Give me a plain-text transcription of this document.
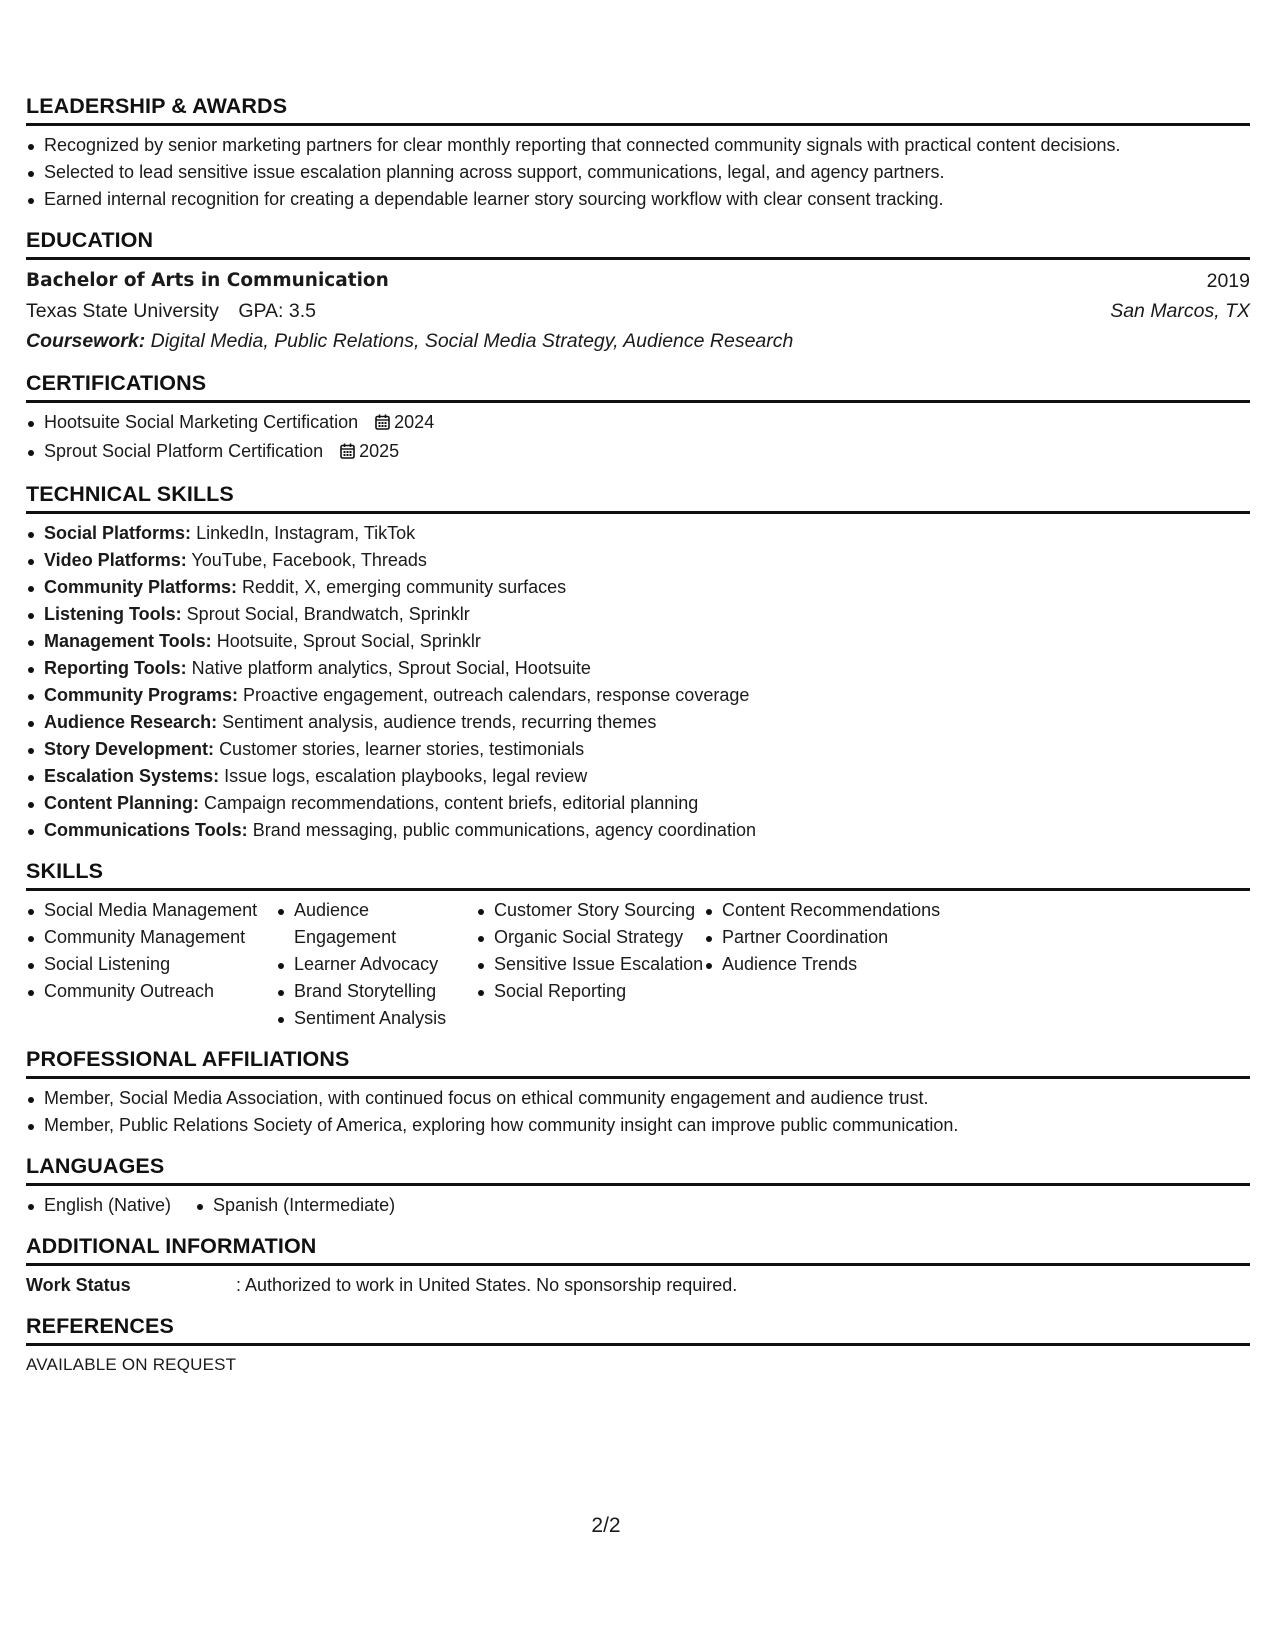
LEADERSHIP & AWARDS
Recognized by senior marketing partners for clear monthly reporting that connected community signals with practical content decisions.
Selected to lead sensitive issue escalation planning across support, communications, legal, and agency partners.
Earned internal recognition for creating a dependable learner story sourcing workflow with clear consent tracking.
EDUCATION
Bachelor of Arts in Communication	2019
Texas State University GPA: 3.5	San Marcos, TX
Coursework: Digital Media, Public Relations, Social Media Strategy, Audience Research
CERTIFICATIONS
Hootsuite Social Marketing Certification 2024
Sprout Social Platform Certification 2025
TECHNICAL SKILLS
Social Platforms: LinkedIn, Instagram, TikTok
Video Platforms: YouTube, Facebook, Threads
Community Platforms: Reddit, X, emerging community surfaces
Listening Tools: Sprout Social, Brandwatch, Sprinklr
Management Tools: Hootsuite, Sprout Social, Sprinklr
Reporting Tools: Native platform analytics, Sprout Social, Hootsuite
Community Programs: Proactive engagement, outreach calendars, response coverage
Audience Research: Sentiment analysis, audience trends, recurring themes
Story Development: Customer stories, learner stories, testimonials
Escalation Systems: Issue logs, escalation playbooks, legal review
Content Planning: Campaign recommendations, content briefs, editorial planning
Communications Tools: Brand messaging, public communications, agency coordination
SKILLS
Social Media Management
Community Management
Social Listening
Community Outreach
Audience Engagement
Learner Advocacy
Brand Storytelling
Sentiment Analysis
Customer Story Sourcing
Organic Social Strategy
Sensitive Issue Escalation
Social Reporting
Content Recommendations
Partner Coordination
Audience Trends
PROFESSIONAL AFFILIATIONS
Member, Social Media Association, with continued focus on ethical community engagement and audience trust.
Member, Public Relations Society of America, exploring how community insight can improve public communication.
LANGUAGES
English (Native)	Spanish (Intermediate)
ADDITIONAL INFORMATION
Work Status	: Authorized to work in United States. No sponsorship required.
REFERENCES
AVAILABLE ON REQUEST
2/2
